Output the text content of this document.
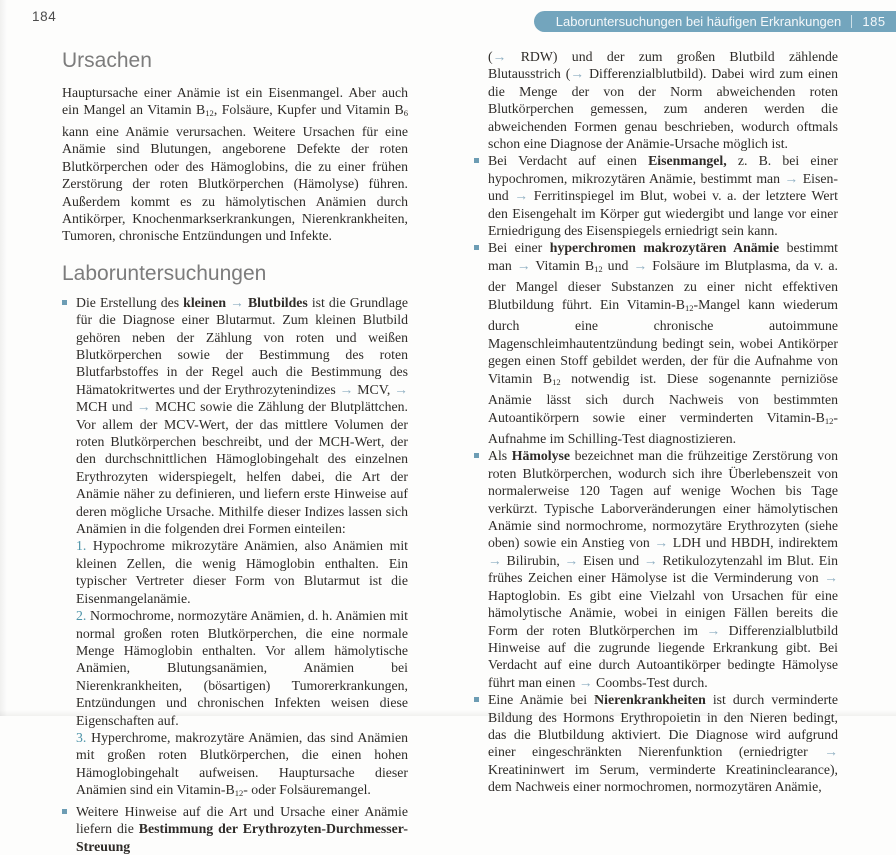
184	Laboruntersuchungen bei häufigen Erkrankungen	185
Ursachen

Hauptursache einer Anämie ist ein Eisenmangel. Aber auch ein Mangel an Vitamin $B_{12}$, Folsäure, Kupfer und Vitamin $B_6$ kann eine Anämie verursachen. Weitere Ursachen für eine Anämie sind Blutungen, angeborene Defekte der roten Blutkörperchen oder des Hämoglobins, die zu einer frühen Zerstörung der roten Blutkörperchen (Hämolyse) führen. Außerdem kommt es zu hämolytischen Anämien durch Antikörper, Knochenmarkserkrankungen, Nierenkrankheiten, Tumoren, chronische Entzündungen und Infekte.

Laboruntersuchungen
Die Erstellung des kleinen → Blutbildes ist die Grundlage für die Diagnose einer Blutarmut. Zum kleinen Blutbild gehören neben der Zählung von roten und weißen Blutkörperchen sowie der Bestimmung des roten Blutfarbstoffes in der Regel auch die Bestimmung des Hämatokritwertes und der Erythrozytenindizes → MCV, → MCH und → MCHC sowie die Zählung der Blutplättchen. Vor allem der MCV-Wert, der das mittlere Volumen der roten Blutkörperchen beschreibt, und der MCH-Wert, der den durchschnittlichen Hämoglobingehalt des einzelnen Erythrozyten widerspiegelt, helfen dabei, die Art der Anämie näher zu definieren, und liefern erste Hinweise auf deren mögliche Ursache. Mithilfe dieser Indizes lassen sich Anämien in die folgenden drei Formen einteilen:
1. Hypochrome mikrozytäre Anämien, also Anämien mit kleinen Zellen, die wenig Hämoglobin enthalten. Ein typischer Vertreter dieser Form von Blutarmut ist die Eisenmangelanämie.
2. Normochrome, normozytäre Anämien, d. h. Anämien mit normal großen roten Blutkörperchen, die eine normale Menge Hämoglobin enthalten. Vor allem hämolytische Anämien, Blutungsanämien, Anämien bei Nierenkrankheiten, (bösartigen) Tumorerkrankungen, Entzündungen und chronischen Infekten weisen diese Eigenschaften auf.
3. Hyperchrome, makrozytäre Anämien, das sind Anämien mit großen roten Blutkörperchen, die einen hohen Hämoglobingehalt aufweisen. Hauptursache dieser Anämien sind ein Vitamin-$B_{12}-$ oder Folsäuremangel.
Weitere Hinweise auf die Art und Ursache einer Anämie liefern die Bestimmung der Erythrozyten-Durchmesser-Streuung

(→ RDW) und der zum großen Blutbild zählende Blutausstrich (→ Differenzialblutbild). Dabei wird zum einen die Menge der von der Norm abweichenden roten Blutkörperchen gemessen, zum anderen werden die abweichenden Formen genau beschrieben, wodurch oftmals schon eine Diagnose der Anämie-Ursache möglich ist.

Bei Verdacht auf einen Eisenmangel, z. B. bei einer hypochromen, mikrozytären Anämie, bestimmt man → Eisen- und → Ferritinspiegel im Blut, wobei v. a. der letztere Wert den Eisengehalt im Körper gut wiedergibt und lange vor einer Erniedrigung des Eisenspiegels erniedrigt sein kann.
Bei einer hyperchromen makrozytären Anämie bestimmt man → Vitamin $B_{12}$ und → Folsäure im Blutplasma, da v. a. der Mangel dieser Substanzen zu einer nicht effektiven Blutbildung führt. Ein Vitamin-$B_{12}$-Mangel kann wiederum durch eine chronische autoimmune Magenschleimhautentzündung bedingt sein, wobei Antikörper gegen einen Stoff gebildet werden, der für die Aufnahme von Vitamin $B_{12}$ notwendig ist. Diese sogenannte perniziöse Anämie lässt sich durch Nachweis von bestimmten Autoantikörpern sowie einer verminderten Vitamin-$B_{12}$-Aufnahme im Schilling-Test diagnostizieren.
Als Hämolyse bezeichnet man die frühzeitige Zerstörung von roten Blutkörperchen, wodurch sich ihre Überlebenszeit von normalerweise 120 Tagen auf wenige Wochen bis Tage verkürzt. Typische Laborveränderungen einer hämolytischen Anämie sind normochrome, normozytäre Erythrozyten (siehe oben) sowie ein Anstieg von → LDH und HBDH, indirektem → Bilirubin, → Eisen und → Retikulozytenzahl im Blut. Ein frühes Zeichen einer Hämolyse ist die Verminderung von → Haptoglobin. Es gibt eine Vielzahl von Ursachen für eine hämolytische Anämie, wobei in einigen Fällen bereits die Form der roten Blutkörperchen im → Differenzialblutbild Hinweise auf die zugrunde liegende Erkrankung gibt. Bei Verdacht auf eine durch Autoantikörper bedingte Hämolyse führt man einen → Coombs-Test durch.
Eine Anämie bei Nierenkrankheiten ist durch verminderte Bildung des Hormons Erythropoietin in den Nieren bedingt, das die Blutbildung aktiviert. Die Diagnose wird aufgrund einer eingeschränkten Nierenfunktion (erniedrigter → Kreatininwert im Serum, verminderte Kreatininclearance), dem Nachweis einer normochromen, normozytären Anämie,
